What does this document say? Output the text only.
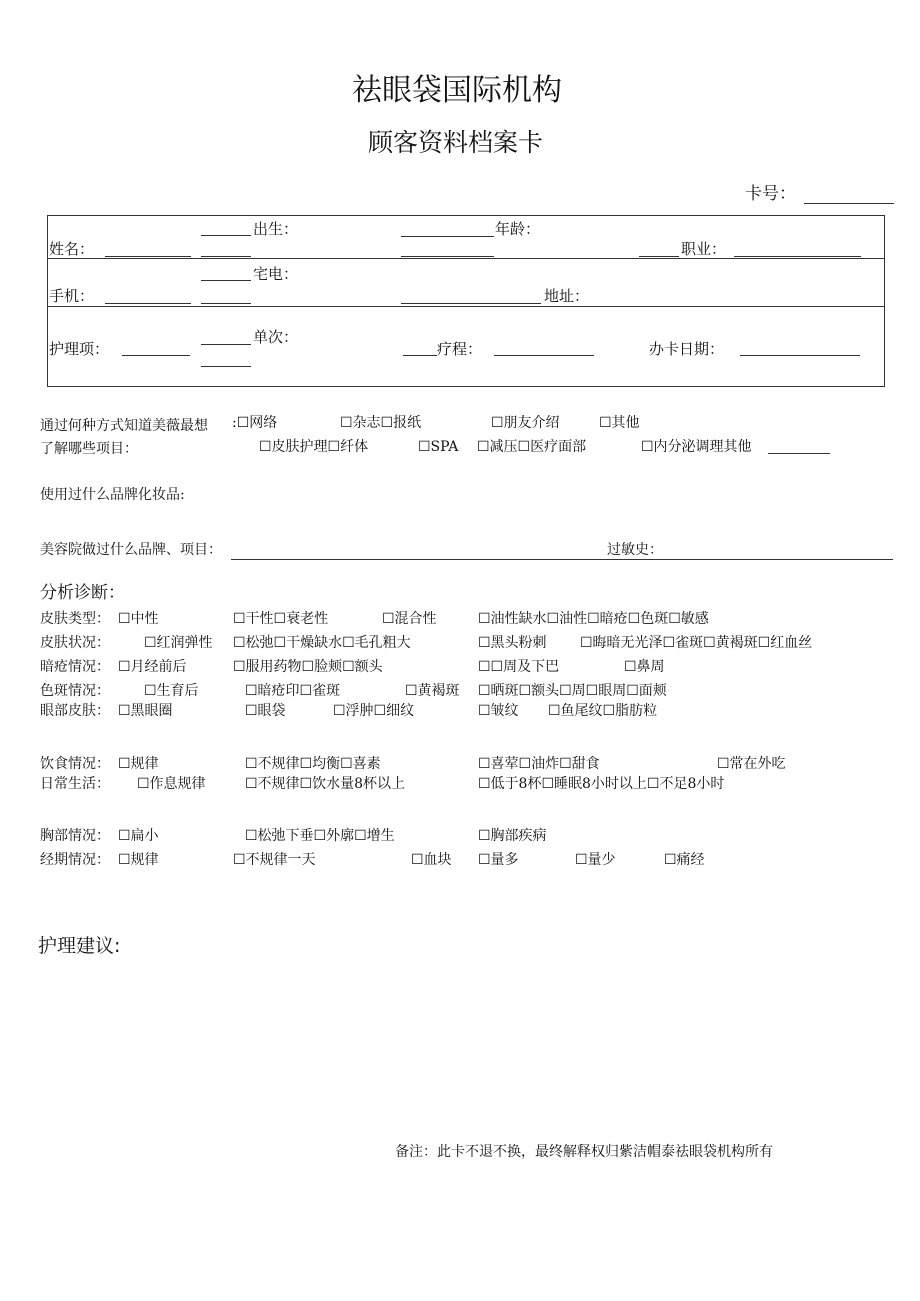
祛眼袋国际机构
顾客资料档案卡
卡号：
姓名：
出生：	年龄：
职业：
手机：
宅电：
地址：
护理项：
单次：
疗程：	办卡日期：
通过何种方式知道美薇最想 :☐网络	☐杂志☐报纸	☐朋友介绍	☐其他
了解哪些项目：	☐皮肤护理☐纤体	☐SPA ☐减压☐医疗面部	☐内分泌调理其他
使用过什么品牌化妆品:
美容院做过什么品牌、项目：	过敏史：
分析诊断：
皮肤类型： ☐中性	☐干性☐衰老性	☐混合性	☐油性缺水☐油性☐暗疮☐色斑☐敏感
皮肤状况： ☐红润弹性 ☐松弛☐干燥缺水☐毛孔粗大	☐黑头粉刺 ☐晦暗无光泽☐雀斑☐黄褐斑☐红血丝
暗疮情况： ☐月经前后	☐服用药物☐脸颊☐额头	☐☐周及下巴	☐鼻周
色斑情况： ☐生育后	☐暗疮印☐雀斑	☐黄褐斑 ☐晒斑☐额头☐周☐眼周☐面颊
眼部皮肤： ☐黑眼圈	☐眼袋	☐浮肿☐细纹	☐皱纹 ☐鱼尾纹☐脂肪粒
饮食情况： ☐规律	☐不规律☐均衡☐喜素	☐喜荤☐油炸☐甜食	☐常在外吃
日常生活： ☐作息规律	☐不规律☐饮水量8杯以上	☐低于8杯☐睡眠8小时以上☐不足8小时
胸部情况： ☐扁小	☐松弛下垂☐外廓☐增生	☐胸部疾病
经期情况： ☐规律	☐不规律一天	☐血块 ☐量多	☐量少	☐痛经
护理建议:
备注：此卡不退不换，最终解释权归紫洁帽泰祛眼袋机构所有
